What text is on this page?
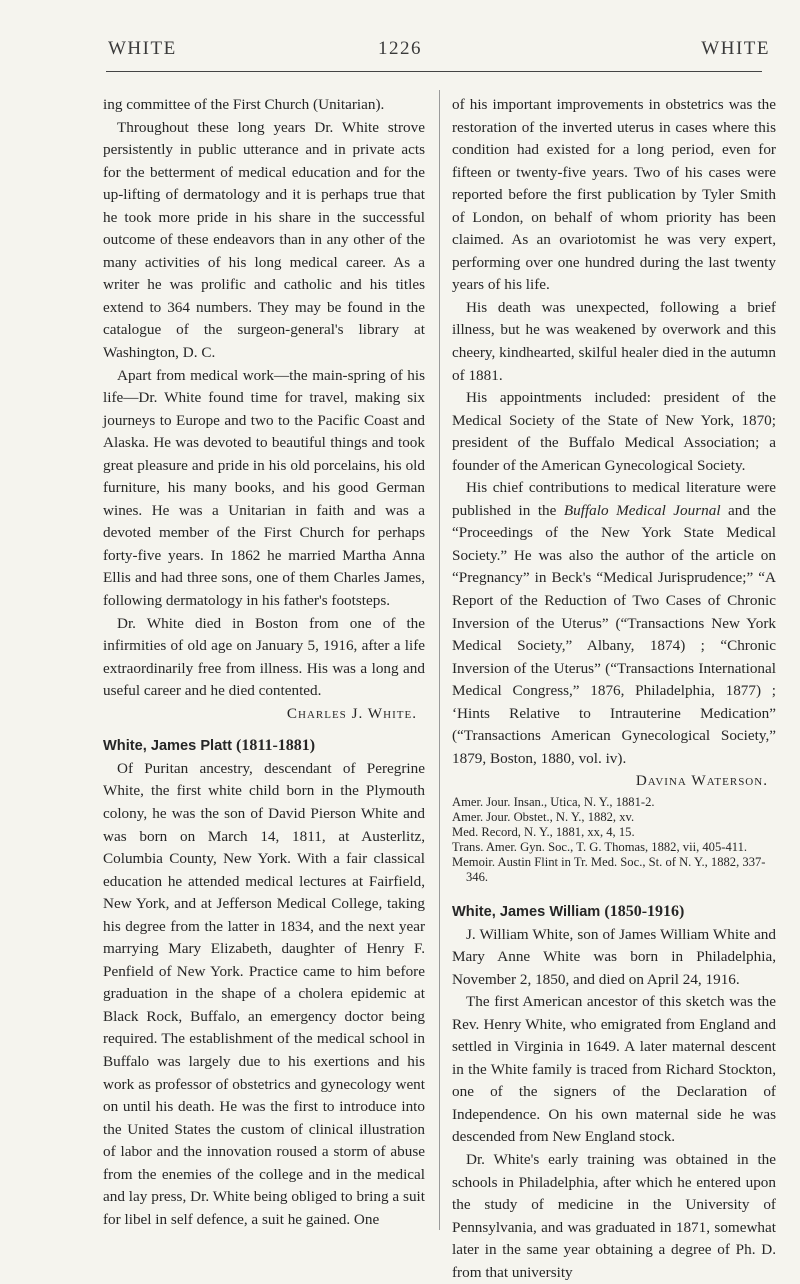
WHITE	1226	WHITE

ing committee of the First Church (Unitarian).

Throughout these long years Dr. White strove persistently in public utterance and in private acts for the betterment of medical education and for the up-lifting of dermatology and it is perhaps true that he took more pride in his share in the successful outcome of these endeavors than in any other of the many activities of his long medical career. As a writer he was prolific and catholic and his titles extend to 364 numbers. They may be found in the catalogue of the surgeon-general's library at Washington, D. C.

Apart from medical work—the main-spring of his life—Dr. White found time for travel, making six journeys to Europe and two to the Pacific Coast and Alaska. He was devoted to beautiful things and took great pleasure and pride in his old porcelains, his old furniture, his many books, and his good German wines. He was a Unitarian in faith and was a devoted member of the First Church for perhaps forty-five years. In 1862 he married Martha Anna Ellis and had three sons, one of them Charles James, following dermatology in his father's footsteps.

Dr. White died in Boston from one of the infirmities of old age on January 5, 1916, after a life extraordinarily free from illness. His was a long and useful career and he died contented.

Charles J. White.
White, James Platt (1811-1881)

Of Puritan ancestry, descendant of Peregrine White, the first white child born in the Plymouth colony, he was the son of David Pierson White and was born on March 14, 1811, at Austerlitz, Columbia County, New York. With a fair classical education he attended medical lectures at Fairfield, New York, and at Jefferson Medical College, taking his degree from the latter in 1834, and the next year marrying Mary Elizabeth, daughter of Henry F. Penfield of New York. Practice came to him before graduation in the shape of a cholera epidemic at Black Rock, Buffalo, an emergency doctor being required. The establishment of the medical school in Buffalo was largely due to his exertions and his work as professor of obstetrics and gynecology went on until his death. He was the first to introduce into the United States the custom of clinical illustration of labor and the innovation roused a storm of abuse from the enemies of the college and in the medical and lay press, Dr. White being obliged to bring a suit for libel in self defence, a suit he gained. One

of his important improvements in obstetrics was the restoration of the inverted uterus in cases where this condition had existed for a long period, even for fifteen or twenty-five years. Two of his cases were reported before the first publication by Tyler Smith of London, on behalf of whom priority has been claimed. As an ovariotomist he was very expert, performing over one hundred during the last twenty years of his life.

His death was unexpected, following a brief illness, but he was weakened by overwork and this cheery, kindhearted, skilful healer died in the autumn of 1881.

His appointments included: president of the Medical Society of the State of New York, 1870; president of the Buffalo Medical Association; a founder of the American Gynecological Society.

His chief contributions to medical literature were published in the Buffalo Medical Journal and the “Proceedings of the New York State Medical Society.” He was also the author of the article on “Pregnancy” in Beck's “Medical Jurisprudence;” “A Report of the Reduction of Two Cases of Chronic Inversion of the Uterus” (“Transactions New York Medical Society,” Albany, 1874) ; “Chronic Inversion of the Uterus” (“Transactions International Medical Congress,” 1876, Philadelphia, 1877) ; ‘Hints Relative to Intrauterine Medication” (“Transactions American Gynecological Society,” 1879, Boston, 1880, vol. iv).

Davina Waterson.
Amer. Jour. Insan., Utica, N. Y., 1881-2.
Amer. Jour. Obstet., N. Y., 1882, xv.
Med. Record, N. Y., 1881, xx, 4, 15.
Trans. Amer. Gyn. Soc., T. G. Thomas, 1882, vii, 405-411.
Memoir. Austin Flint in Tr. Med. Soc., St. of N. Y., 1882, 337-346.
White, James William (1850-1916)

J. William White, son of James William White and Mary Anne White was born in Philadelphia, November 2, 1850, and died on April 24, 1916.

The first American ancestor of this sketch was the Rev. Henry White, who emigrated from England and settled in Virginia in 1649. A later maternal descent in the White family is traced from Richard Stockton, one of the signers of the Declaration of Independence. On his own maternal side he was descended from New England stock.

Dr. White's early training was obtained in the schools in Philadelphia, after which he entered upon the study of medicine in the University of Pennsylvania, and was graduated in 1871, somewhat later in the same year obtaining a degree of Ph. D. from that university
